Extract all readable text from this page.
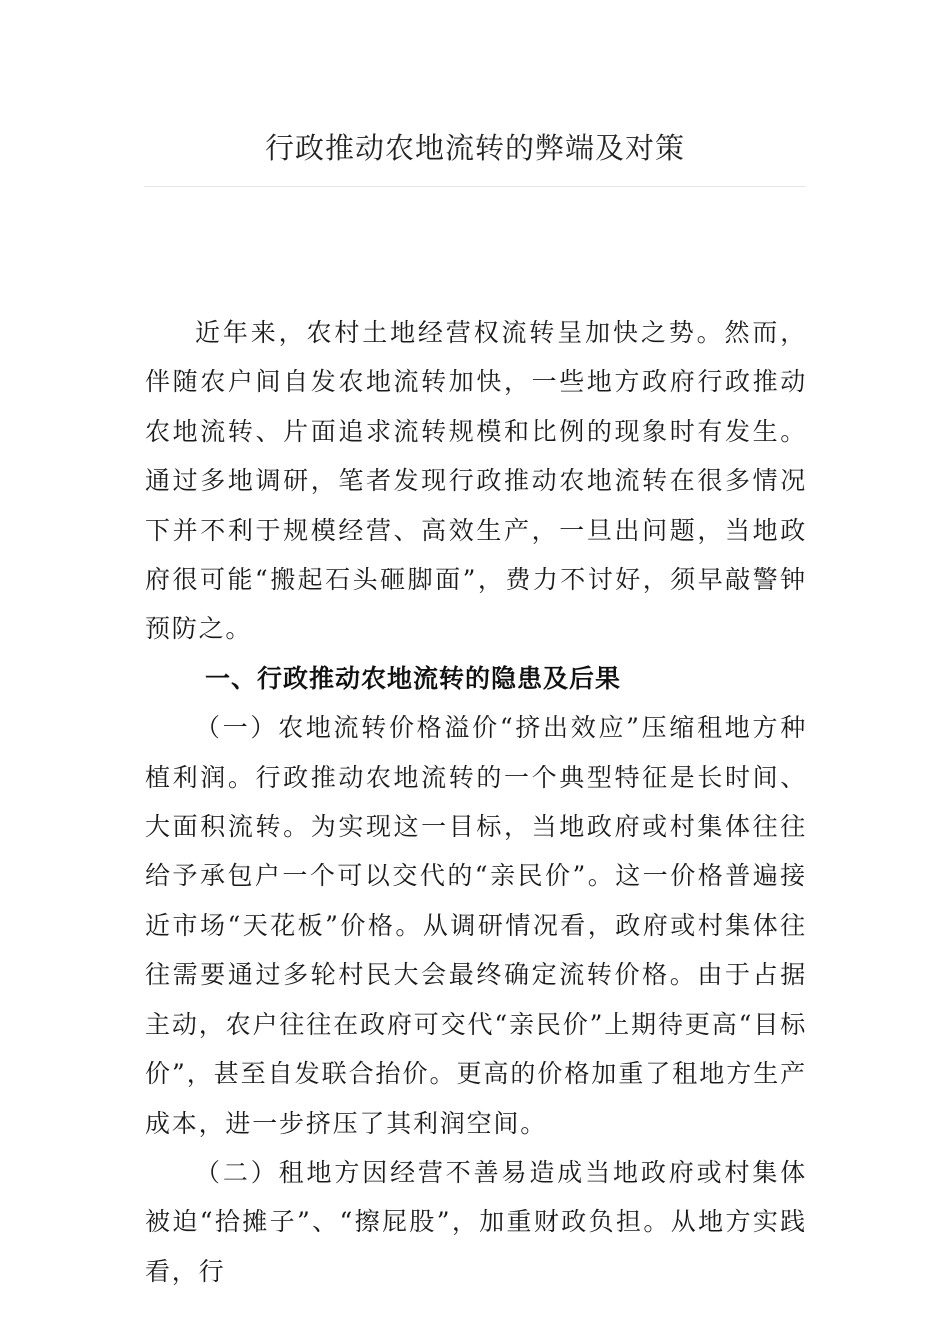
行政推动农地流转的弊端及对策

近年来，农村土地经营权流转呈加快之势。然而，伴随农户间自发农地流转加快，一些地方政府行政推动农地流转、片面追求流转规模和比例的现象时有发生。通过多地调研，笔者发现行政推动农地流转在很多情况下并不利于规模经营、高效生产，一旦出问题，当地政府很可能“搬起石头砸脚面”，费力不讨好，须早敲警钟预防之。

一、行政推动农地流转的隐患及后果

（一）农地流转价格溢价“挤出效应”压缩租地方种植利润。行政推动农地流转的一个典型特征是长时间、大面积流转。为实现这一目标，当地政府或村集体往往给予承包户一个可以交代的“亲民价”。这一价格普遍接近市场“天花板”价格。从调研情况看，政府或村集体往往需要通过多轮村民大会最终确定流转价格。由于占据主动，农户往往在政府可交代“亲民价”上期待更高“目标价”，甚至自发联合抬价。更高的价格加重了租地方生产成本，进一步挤压了其利润空间。

（二）租地方因经营不善易造成当地政府或村集体被迫“拾摊子”、“擦屁股”，加重财政负担。从地方实践看，行
